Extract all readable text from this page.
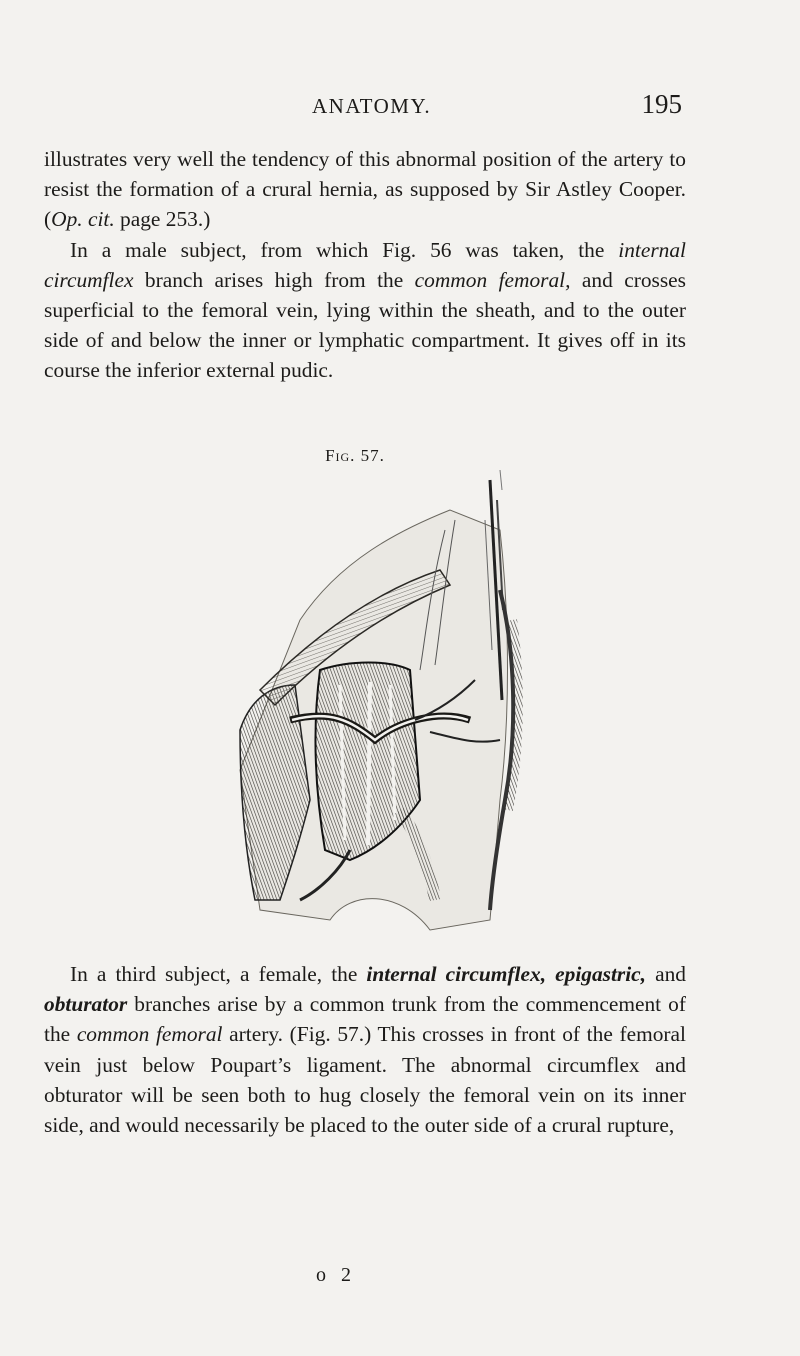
ANATOMY.	195

illustrates very well the tendency of this abnormal position of the artery to resist the formation of a crural hernia, as supposed by Sir Astley Cooper. (Op. cit. page 253.)

In a male subject, from which Fig. 56 was taken, the internal circumflex branch arises high from the common femoral, and crosses superficial to the femoral vein, lying within the sheath, and to the outer side of and below the inner or lymphatic compartment. It gives off in its course the inferior external pudic.

Fig. 57.

In a third subject, a female, the internal circumflex, epigastric, and obturator branches arise by a common trunk from the commencement of the common femoral artery. (Fig. 57.) This crosses in front of the femoral vein just below Poupart’s ligament. The abnormal circumflex and obturator will be seen both to hug closely the femoral vein on its inner side, and would necessarily be placed to the outer side of a crural rupture,

o 2
